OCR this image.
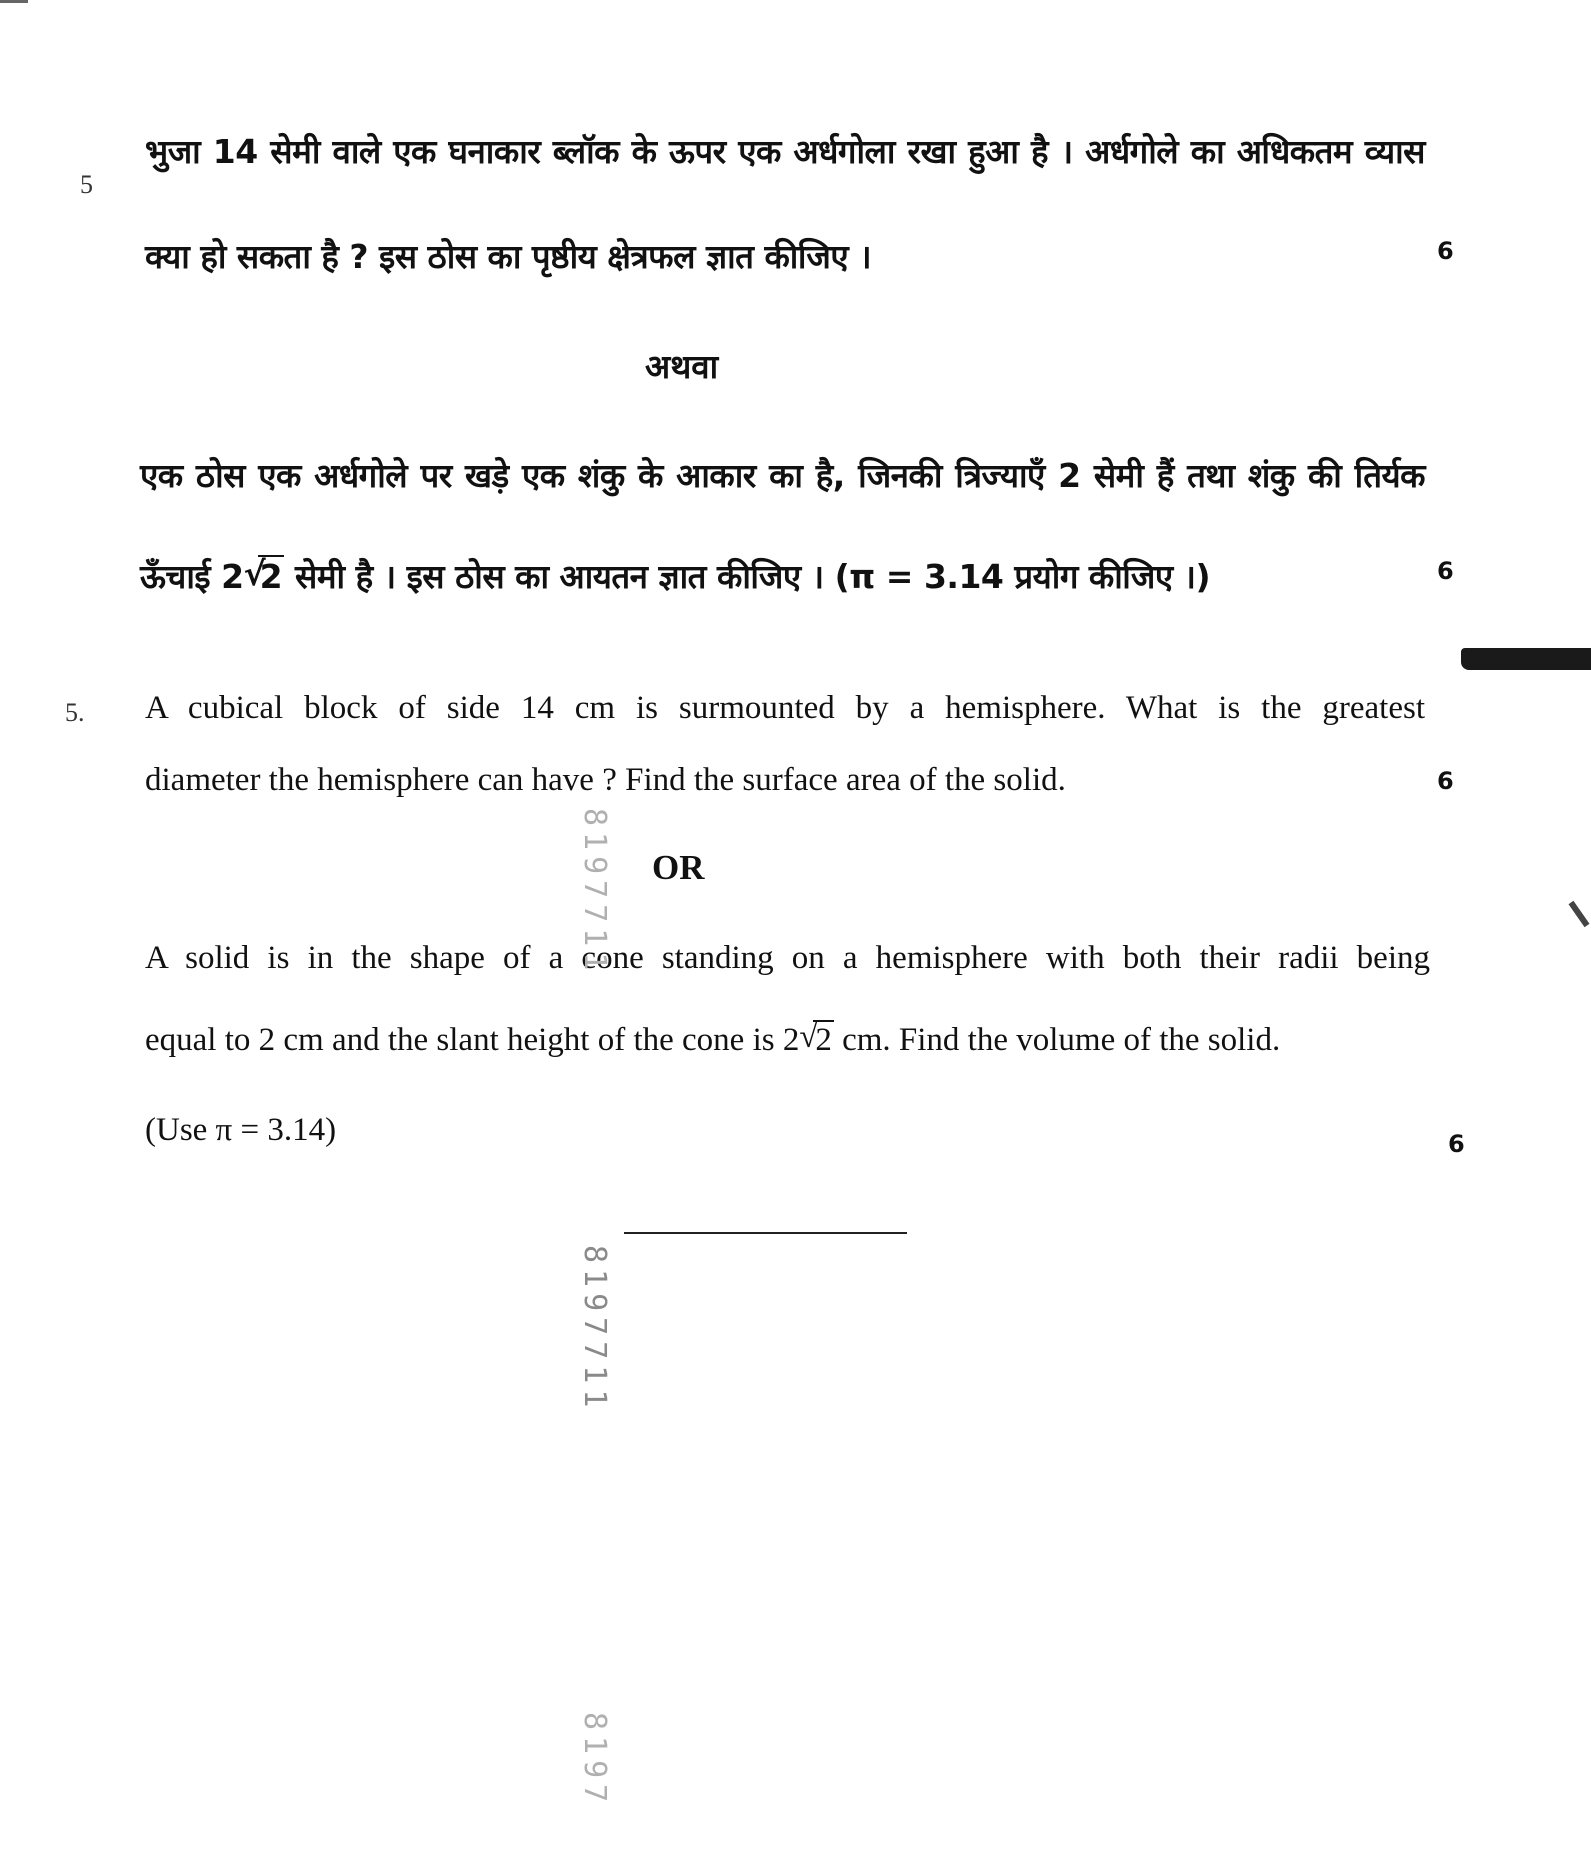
5
भुजा 14 सेमी वाले एक घनाकार ब्लॉक के ऊपर एक अर्धगोला रखा हुआ है । अर्धगोले का अधिकतम व्यास
क्या हो सकता है ? इस ठोस का पृष्ठीय क्षेत्रफल ज्ञात कीजिए ।	6
अथवा
एक ठोस एक अर्धगोले पर खड़े एक शंकु के आकार का है, जिनकी त्रिज्याएँ 2 सेमी हैं तथा शंकु की तिर्यक
ऊँचाई 2 √ 2 सेमी है । इस ठोस का आयतन ज्ञात कीजिए । (π = 3.14 प्रयोग कीजिए ।)	6
5. A cubical block of side 14 cm is surmounted by a hemisphere. What is the greatest
diameter the hemisphere can have ? Find the surface area of the solid.	6
OR
A solid is in the shape of a cone standing on a hemisphere with both their radii being
equal to 2 cm and the slant height of the cone is 2 √ 2 cm. Find the volume of the solid.
(Use π = 3.14)	6
8197711
8197711
8197
